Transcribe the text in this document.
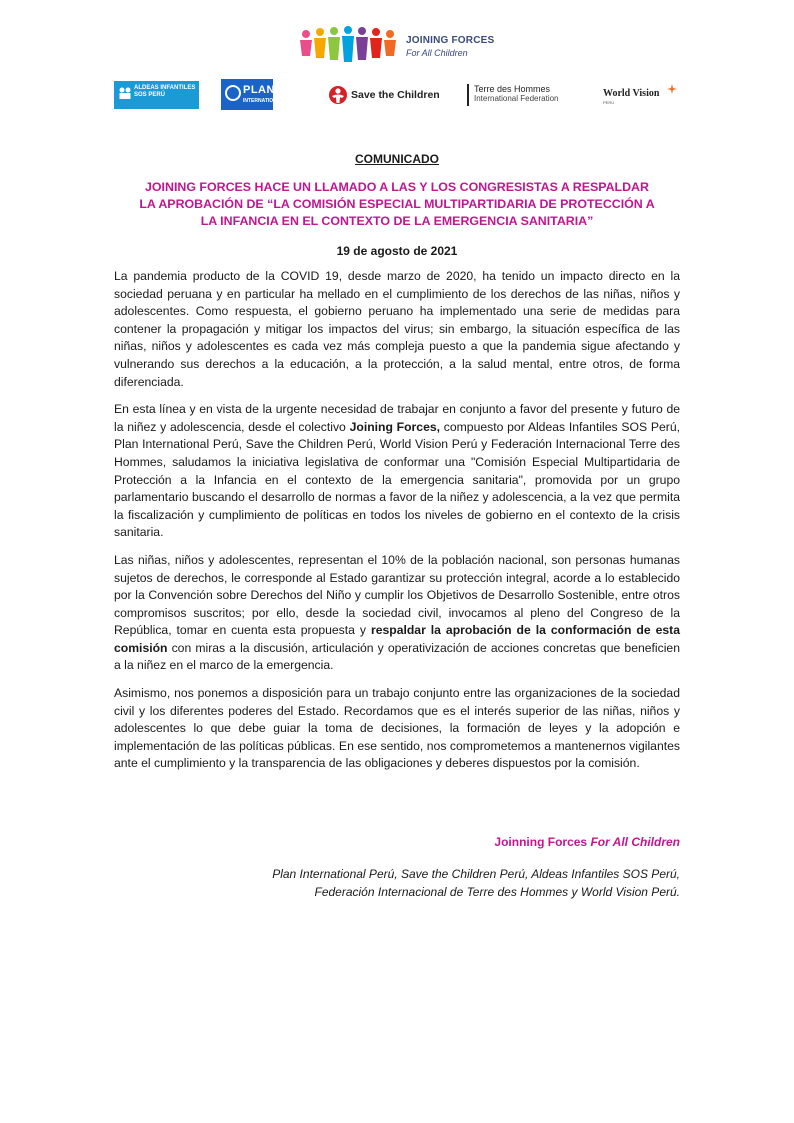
JOINING FORCES
For All Children
ALDEAS INFANTILES SOS PERÚ	PLAN
INTERNATIONAL	Save the Children	Terre des Hommes
International Federation	World Vision
PERÚ
COMUNICADO
JOINING FORCES HACE UN LLAMADO A LAS Y LOS CONGRESISTAS A RESPALDAR
LA APROBACIÓN DE “LA COMISIÓN ESPECIAL MULTIPARTIDARIA DE PROTECCIÓN A
LA INFANCIA EN EL CONTEXTO DE LA EMERGENCIA SANITARIA”
19 de agosto de 2021

La pandemia producto de la COVID 19, desde marzo de 2020, ha tenido un impacto directo en la sociedad peruana y en particular ha mellado en el cumplimiento de los derechos de las niñas, niños y adolescentes. Como respuesta, el gobierno peruano ha implementado una serie de medidas para contener la propagación y mitigar los impactos del virus; sin embargo, la situación específica de las niñas, niños y adolescentes es cada vez más compleja puesto a que la pandemia sigue afectando y vulnerando sus derechos a la educación, a la protección, a la salud mental, entre otros, de forma diferenciada.

En esta línea y en vista de la urgente necesidad de trabajar en conjunto a favor del presente y futuro de la niñez y adolescencia, desde el colectivo Joining Forces, compuesto por Aldeas Infantiles SOS Perú, Plan International Perú, Save the Children Perú, World Vision Perú y Federación Internacional Terre des Hommes, saludamos la iniciativa legislativa de conformar una "Comisión Especial Multipartidaria de Protección a la Infancia en el contexto de la emergencia sanitaria", promovida por un grupo parlamentario buscando el desarrollo de normas a favor de la niñez y adolescencia, a la vez que permita la fiscalización y cumplimiento de políticas en todos los niveles de gobierno en el contexto de la crisis sanitaria.

Las niñas, niños y adolescentes, representan el 10% de la población nacional, son personas humanas sujetos de derechos, le corresponde al Estado garantizar su protección integral, acorde a lo establecido por la Convención sobre Derechos del Niño y cumplir los Objetivos de Desarrollo Sostenible, entre otros compromisos suscritos; por ello, desde la sociedad civil, invocamos al pleno del Congreso de la República, tomar en cuenta esta propuesta y respaldar la aprobación de la conformación de esta comisión con miras a la discusión, articulación y operativización de acciones concretas que beneficien a la niñez en el marco de la emergencia.

Asimismo, nos ponemos a disposición para un trabajo conjunto entre las organizaciones de la sociedad civil y los diferentes poderes del Estado. Recordamos que es el interés superior de las niñas, niños y adolescentes lo que debe guiar la toma de decisiones, la formación de leyes y la adopción e implementación de las políticas públicas. En ese sentido, nos comprometemos a mantenernos vigilantes ante el cumplimiento y la transparencia de las obligaciones y deberes dispuestos por la comisión.

Joinning Forces For All Children
Plan International Perú, Save the Children Perú, Aldeas Infantiles SOS Perú,
Federación Internacional de Terre des Hommes y World Vision Perú.
